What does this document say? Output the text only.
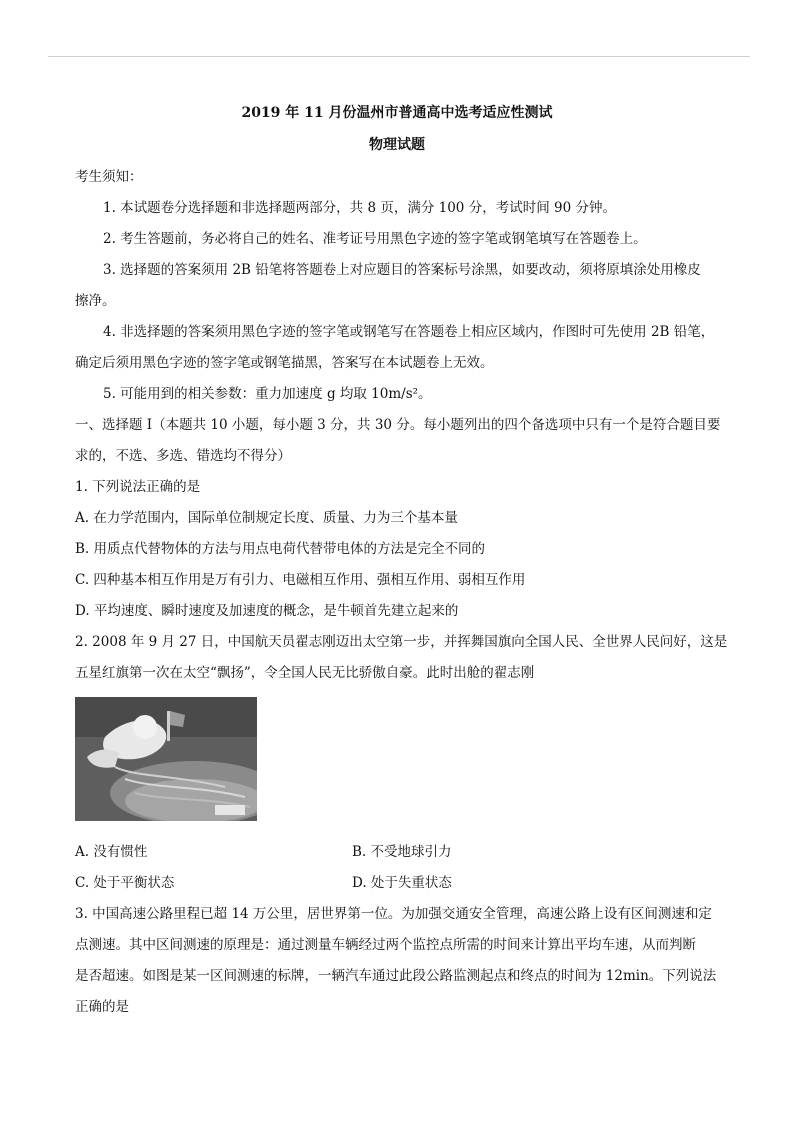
2019 年 11 月份温州市普通高中选考适应性测试
物理试题
考生须知：
1. 本试题卷分选择题和非选择题两部分，共 8 页，满分 100 分，考试时间 90 分钟。
2. 考生答题前，务必将自己的姓名、准考证号用黑色字迹的签字笔或钢笔填写在答题卷上。
3. 选择题的答案须用 2B 铅笔将答题卷上对应题目的答案标号涂黑，如要改动，须将原填涂处用橡皮
擦净。
4. 非选择题的答案须用黑色字迹的签字笔或钢笔写在答题卷上相应区域内，作图时可先使用 2B 铅笔，
确定后须用黑色字迹的签字笔或钢笔描黑，答案写在本试题卷上无效。
5. 可能用到的相关参数：重力加速度 g 均取 10m/s²。
一、选择题 I（本题共 10 小题，每小题 3 分，共 30 分。每小题列出的四个备选项中只有一个是符合题目要
求的，不选、多选、错选均不得分）
1. 下列说法正确的是
A. 在力学范围内，国际单位制规定长度、质量、力为三个基本量
B. 用质点代替物体的方法与用点电荷代替带电体的方法是完全不同的
C. 四种基本相互作用是万有引力、电磁相互作用、强相互作用、弱相互作用
D. 平均速度、瞬时速度及加速度的概念，是牛顿首先建立起来的
2. 2008 年 9 月 27 日，中国航天员翟志刚迈出太空第一步，并挥舞国旗向全国人民、全世界人民问好，这是
五星红旗第一次在太空“飘扬”，令全国人民无比骄傲自豪。此时出舱的翟志刚
A. 没有惯性	B. 不受地球引力
C. 处于平衡状态	D. 处于失重状态
3. 中国高速公路里程已超 14 万公里，居世界第一位。为加强交通安全管理，高速公路上设有区间测速和定
点测速。其中区间测速的原理是：通过测量车辆经过两个监控点所需的时间来计算出平均车速，从而判断
是否超速。如图是某一区间测速的标牌，一辆汽车通过此段公路监测起点和终点的时间为 12min。下列说法
正确的是
